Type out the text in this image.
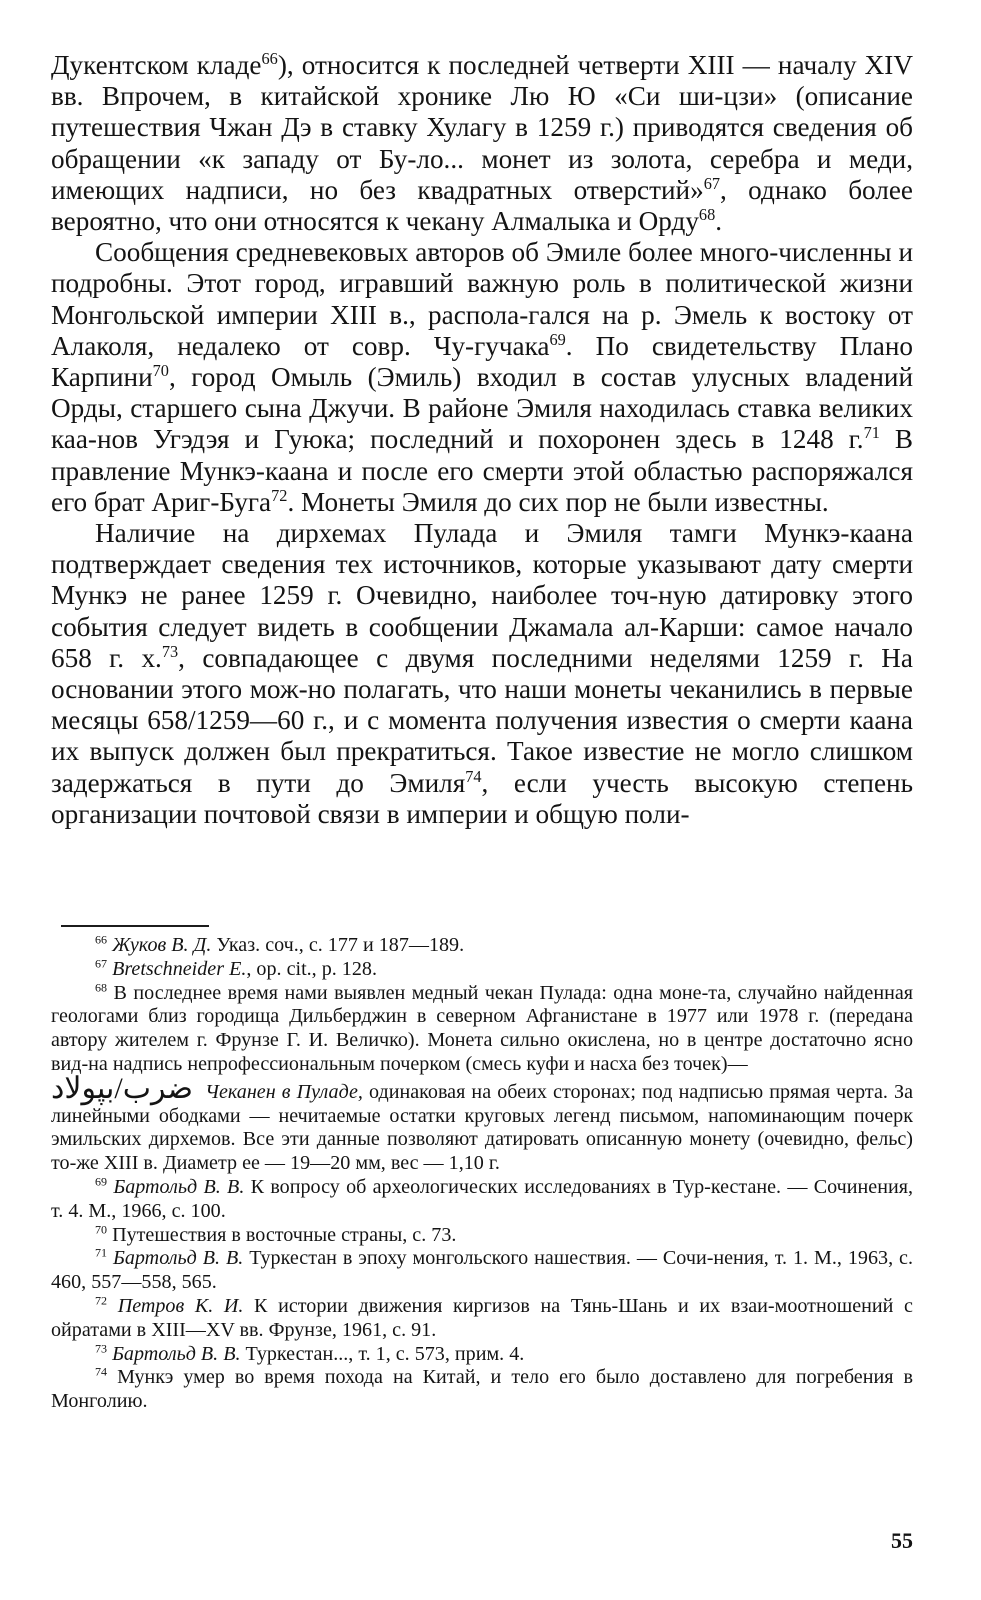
Дукентском кладе$^{66}$), относится к последней четверти XIII — началу XIV вв. Впрочем, в китайской хронике Лю Ю «Си ши-цзи» (описание путешествия Чжан Дэ в ставку Хулагу в 1259 г.) приводятся сведения об обращении «к западу от Бу-ло... монет из золота, серебра и меди, имеющих надписи, но без квадратных отверстий»$^{67}$, однако более вероятно, что они относятся к чекану Алмалыка и Орду$^{68}$.

Сообщения средневековых авторов об Эмиле более много-численны и подробны. Этот город, игравший важную роль в политической жизни Монгольской империи XIII в., распола-гался на р. Эмель к востоку от Алаколя, недалеко от совр. Чу-гучака$^{69}$. По свидетельству Плано Карпини$^{70}$, город Омыль (Эмиль) входил в состав улусных владений Орды, старшего сына Джучи. В районе Эмиля находилась ставка великих каа-нов Угэдэя и Гуюка; последний и похоронен здесь в 1248 г.$^{71}$ В правление Мункэ-каана и после его смерти этой областью распоряжался его брат Ариг-Буга$^{72}$. Монеты Эмиля до сих пор не были известны.

Наличие на дирхемах Пулада и Эмиля тамги Мункэ-каана подтверждает сведения тех источников, которые указывают дату смерти Мункэ не ранее 1259 г. Очевидно, наиболее точ-ную датировку этого события следует видеть в сообщении Джамала ал-Карши: самое начало 658 г. х.$^{73}$, совпадающее с двумя последними неделями 1259 г. На основании этого мож-но полагать, что наши монеты чеканились в первые месяцы 658/1259—60 г., и с момента получения известия о смерти каана их выпуск должен был прекратиться. Такое известие не могло слишком задержаться в пути до Эмиля$^{74}$, если учесть высокую степень организации почтовой связи в империи и общую поли-

$^{66}$ Жуков В. Д. Указ. соч., с. 177 и 187—189.

$^{67}$ Bretschneider E., op. cit., p. 128.

$^{68}$ В последнее время нами выявлен медный чекан Пулада: одна моне-та, случайно найденная геологами близ городища Дильберджин в северном Афганистане в 1977 или 1978 г. (передана автору жителем г. Фрунзе Г. И. Величко). Монета сильно окислена, но в центре достаточно ясно вид-на надпись непрофессиональным почерком (смесь куфи и насха без точек)—

ضرب/بپولاد Чеканен в Пуладе, одинаковая на обеих сторонах; под надписью прямая черта. За линейными ободками — нечитаемые остатки круговых легенд письмом, напоминающим почерк эмильских дирхемов. Все эти данные позволяют датировать описанную монету (очевидно, фельс) то-же XIII в. Диаметр ее — 19—20 мм, вес — 1,10 г.

$^{69}$ Бартольд В. В. К вопросу об археологических исследованиях в Тур-кестане. — Сочинения, т. 4. М., 1966, с. 100.

$^{70}$ Путешествия в восточные страны, с. 73.

$^{71}$ Бартольд В. В. Туркестан в эпоху монгольского нашествия. — Сочи-нения, т. 1. М., 1963, с. 460, 557—558, 565.

$^{72}$ Петров К. И. К истории движения киргизов на Тянь-Шань и их взаи-моотношений с ойратами в XIII—XV вв. Фрунзе, 1961, с. 91.

$^{73}$ Бартольд В. В. Туркестан..., т. 1, с. 573, прим. 4.

$^{74}$ Мункэ умер во время похода на Китай, и тело его было доставлено для погребения в Монголию.

55
